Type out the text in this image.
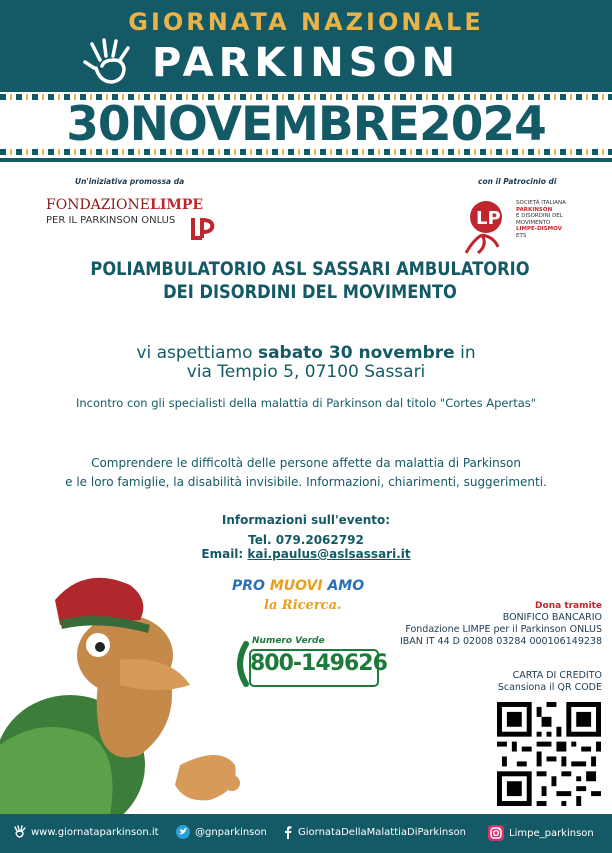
GIORNATA NAZIONALE
PARKINSON
30NOVEMBRE2024
Un'iniziativa promossa da
FONDAZIONELIMPE
PER IL PARKINSON ONLUS
con il Patrocinio di
LP
SOCIETÀ ITALIANA
PARKINSON
E DISORDINI DEL
MOVIMENTO
LIMPE-DISMOV
ETS
POLIAMBULATORIO ASL SASSARI AMBULATORIO DEI DISORDINI DEL MOVIMENTO
vi aspettiamo sabato 30 novembre in
via Tempio 5, 07100 Sassari
Incontro con gli specialisti della malattia di Parkinson dal titolo "Cortes Apertas"
Comprendere le difficoltà delle persone affette da malattia di Parkinson
e le loro famiglie, la disabilità invisibile. Informazioni, chiarimenti, suggerimenti.
Informazioni sull'evento:
Tel. 079.2062792
Email: kai.paulus@aslsassari.it
PRO MUOVI AMO
la Ricerca.
Numero Verde
800-149626
Dona tramite
BONIFICO BANCARIO
Fondazione LIMPE per il Parkinson ONLUS
IBAN IT 44 D 02008 03284 000106149238
CARTA DI CREDITO
Scansiona il QR CODE
www.giornataparkinson.it	@gnparkinson	GiornataDellaMalattiaDiParkinson	Limpe_parkinson
